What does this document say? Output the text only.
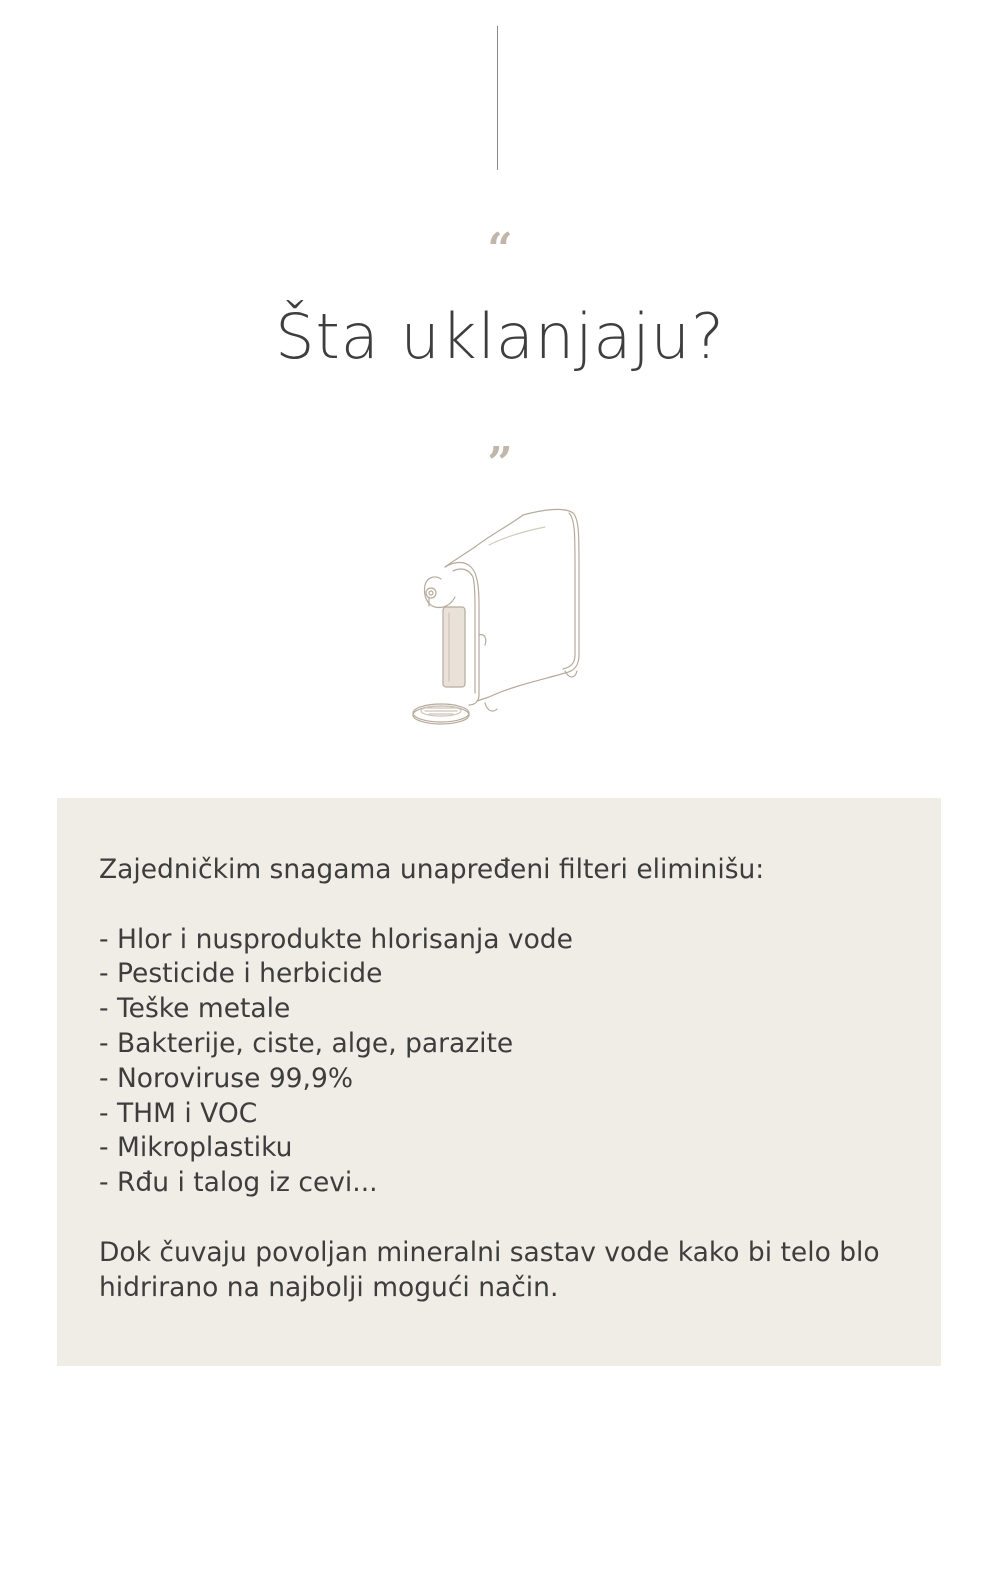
“
Šta uklanjaju?
”

Zajedničkim snagama unapređeni filteri eliminišu:

- Hlor i nusprodukte hlorisanja vode
- Pesticide i herbicide
- Teške metale
- Bakterije, ciste, alge, parazite
- Noroviruse 99,9%
- THM i VOC
- Mikroplastiku
- Rđu i talog iz cevi...

Dok čuvaju povoljan mineralni sastav vode kako bi telo blo hidrirano na najbolji mogući način.
